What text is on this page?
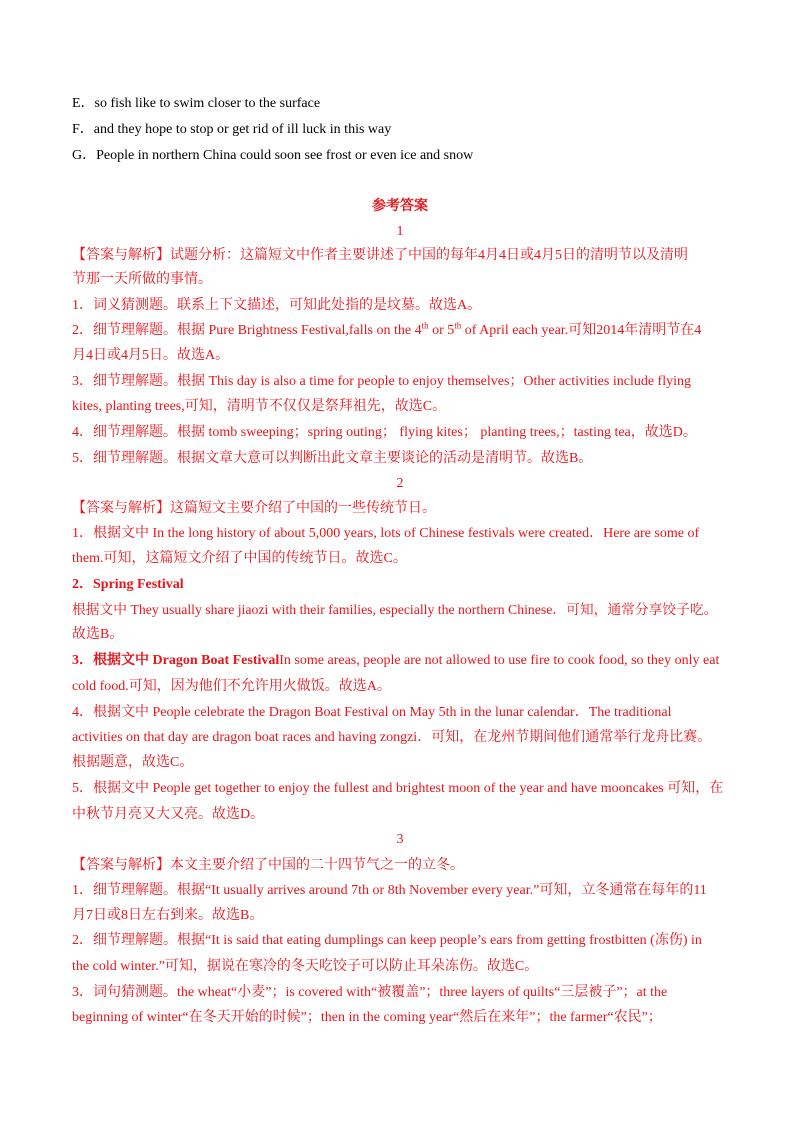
E．so fish like to swim closer to the surface
F．and they hope to stop or get rid of ill luck in this way
G．People in northern China could soon see frost or even ice and snow
参考答案
1
【答案与解析】试题分析：这篇短文中作者主要讲述了中国的每年4月4日或4月5日的清明节以及清明
节那一天所做的事情。
1．词义猜测题。联系上下文描述，可知此处指的是坟墓。故选A。
2．细节理解题。根据 Pure Brightness Festival,falls on the 4th or 5th of April each year.可知2014年清明节在4
月4日或4月5日。故选A。
3．细节理解题。根据 This day is also a time for people to enjoy themselves；Other activities include flying
kites, planting trees,可知，清明节不仅仅是祭拜祖先，故选C。
4．细节理解题。根据 tomb sweeping；spring outing； flying kites； planting trees,；tasting tea，故选D。
5．细节理解题。根据文章大意可以判断出此文章主要谈论的活动是清明节。故选B。
2
【答案与解析】这篇短文主要介绍了中国的一些传统节日。
1．根据文中 In the long history of about 5,000 years, lots of Chinese festivals were created．Here are some of
them.可知，这篇短文介绍了中国的传统节日。故选C。
2．Spring Festival
根据文中 They usually share jiaozi with their families, especially the northern Chinese．可知，通常分享饺子吃。
故选B。
3．根据文中 Dragon Boat FestivalIn some areas, people are not allowed to use fire to cook food, so they only eat
cold food.可知，因为他们不允许用火做饭。故选A。
4．根据文中 People celebrate the Dragon Boat Festival on May 5th in the lunar calendar．The traditional
activities on that day are dragon boat races and having zongzi．可知，在龙州节期间他们通常举行龙舟比赛。
根据题意，故选C。
5．根据文中 People get together to enjoy the fullest and brightest moon of the year and have mooncakes 可知，在
中秋节月亮又大又亮。故选D。
3
【答案与解析】本文主要介绍了中国的二十四节气之一的立冬。
1．细节理解题。根据“It usually arrives around 7th or 8th November every year.”可知，立冬通常在每年的11
月7日或8日左右到来。故选B。
2．细节理解题。根据“It is said that eating dumplings can keep people’s ears from getting frostbitten (冻伤) in
the cold winter.”可知，据说在寒冷的冬天吃饺子可以防止耳朵冻伤。故选C。
3．词句猜测题。the wheat“小麦”；is covered with“被覆盖”；three layers of quilts“三层被子”；at the
beginning of winter“在冬天开始的时候”；then in the coming year“然后在来年”；the farmer“农民”；
